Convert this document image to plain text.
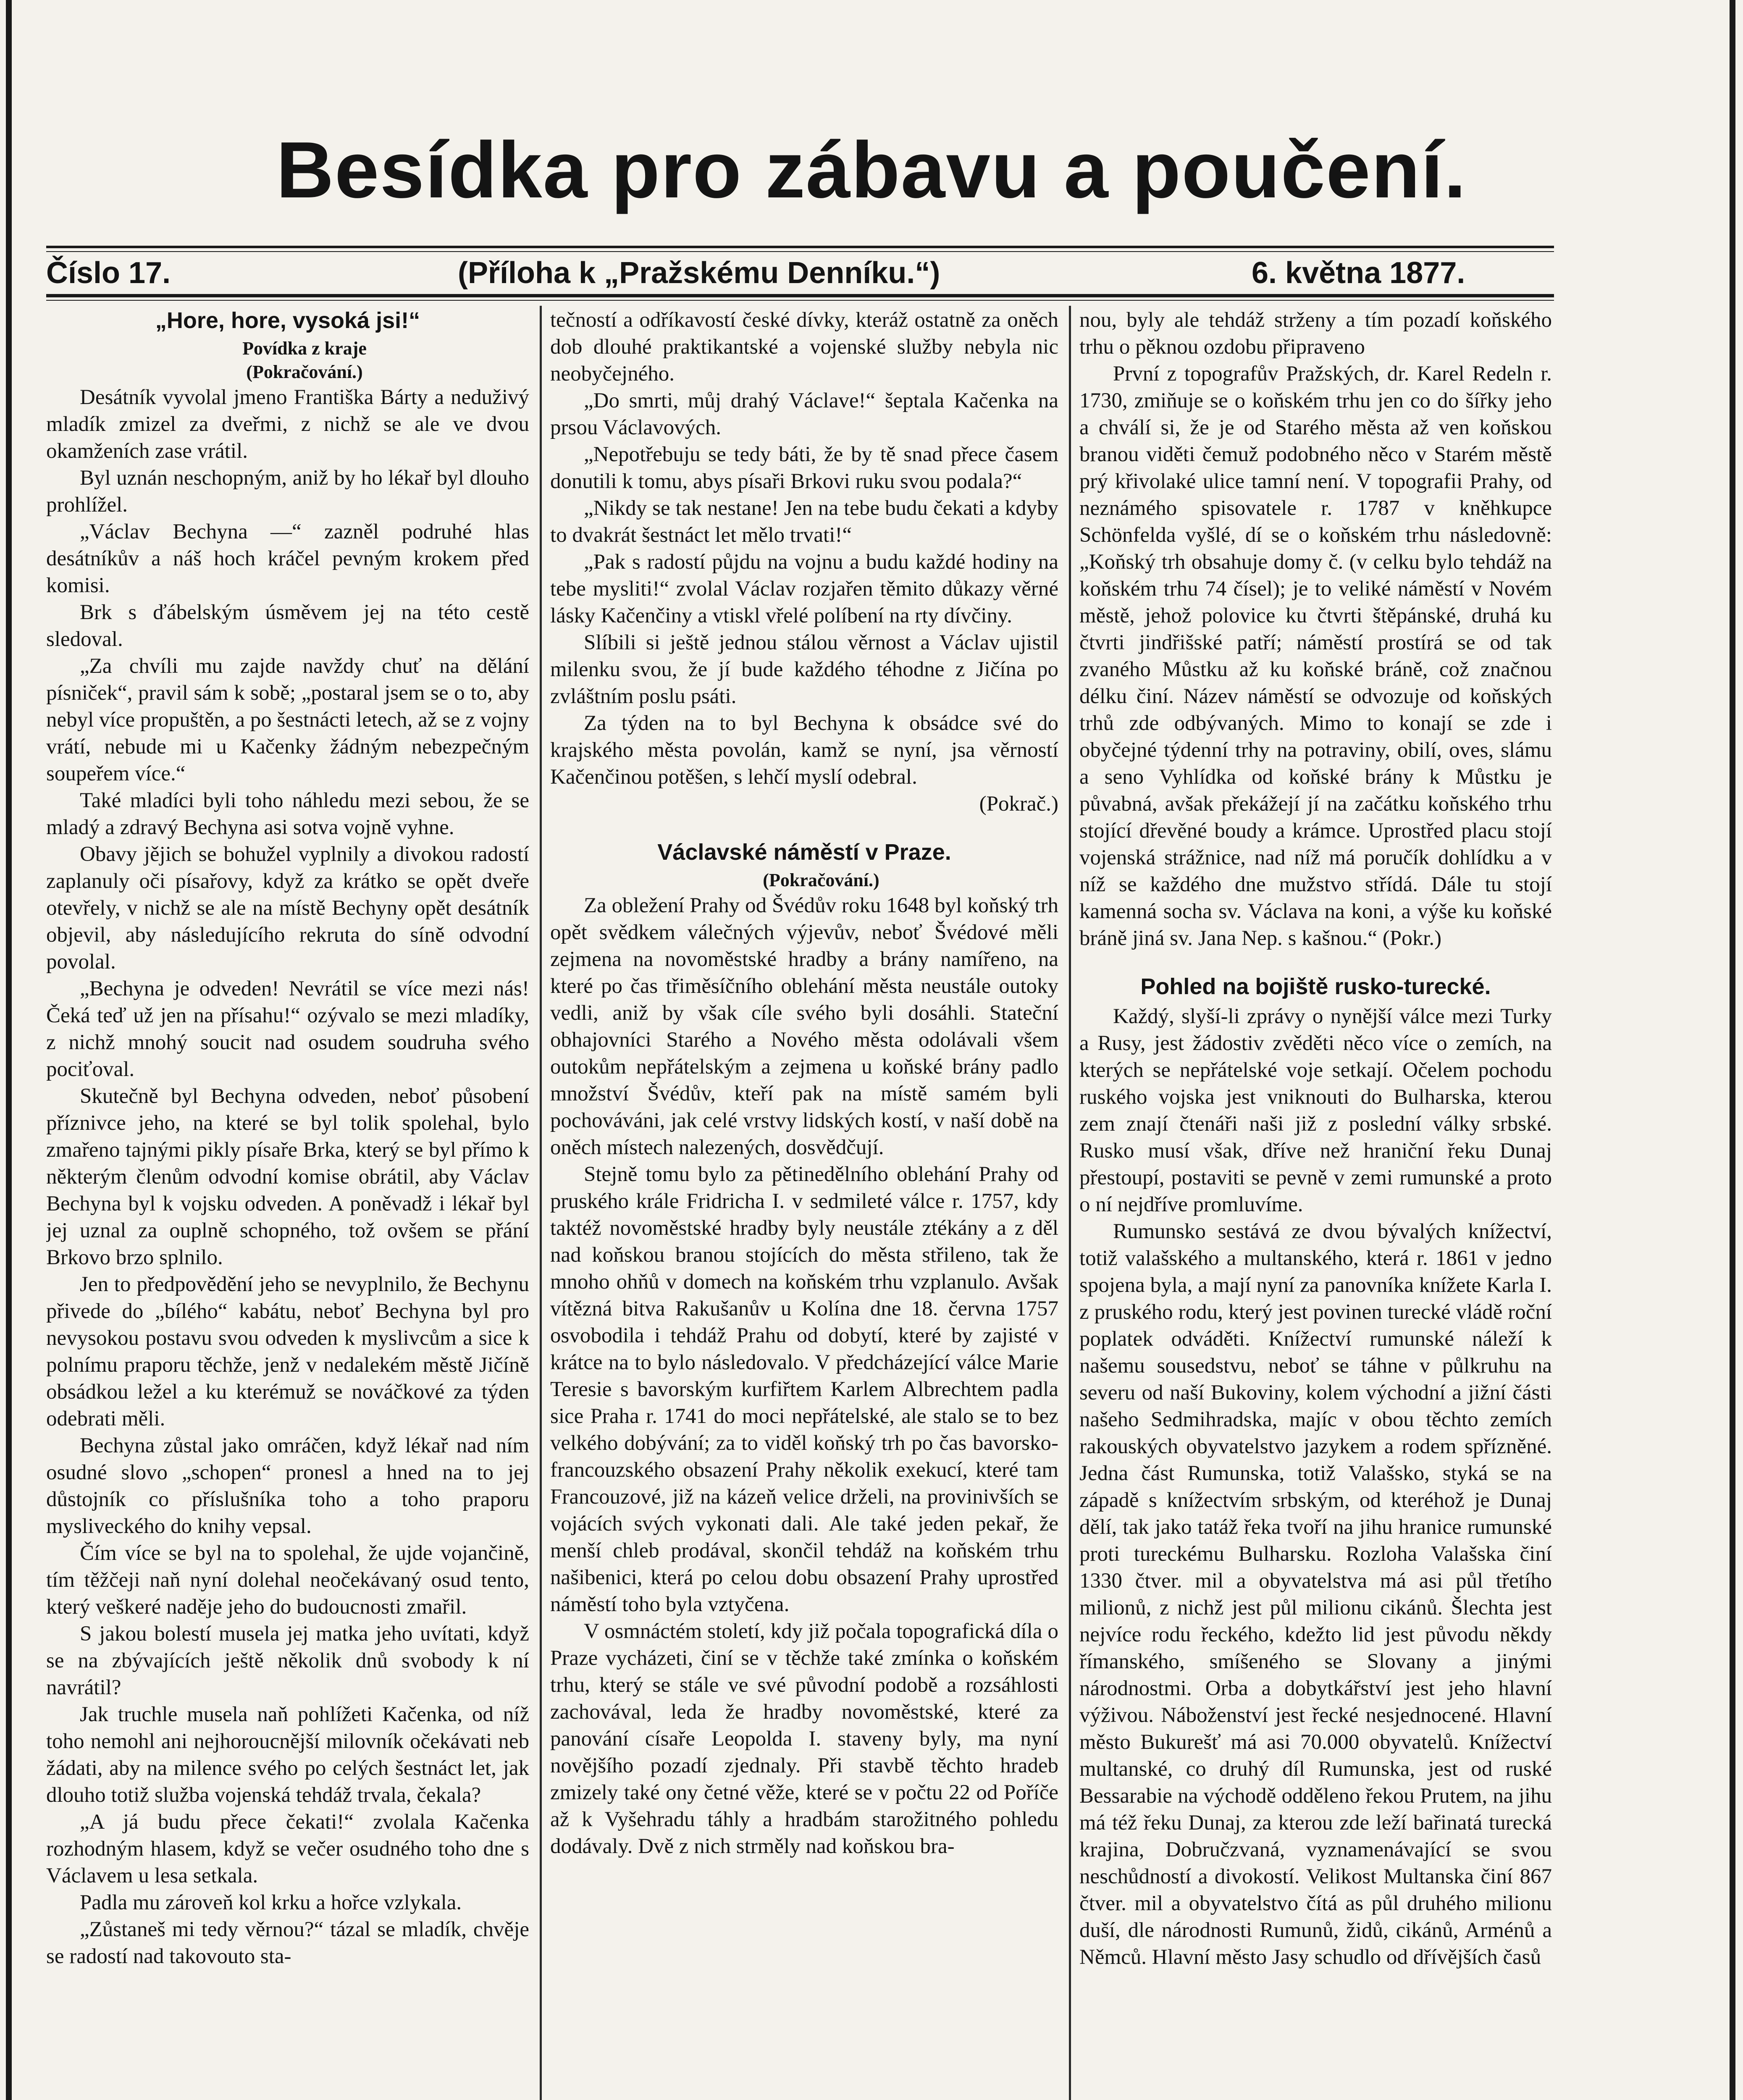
Besídka pro zábavu a poučení.
Číslo 17.	(Příloha k „Pražskému Denníku.“)	6. května 1877.
„Hore, hore, vysoká jsi!“

Povídka z kraje

(Pokračování.)

Desátník vyvolal jmeno Františka Bárty a neduživý mladík zmizel za dveřmi, z nichž se ale ve dvou okamženích zase vrátil.

Byl uznán neschopným, aniž by ho lékař byl dlouho prohlížel.

„Václav Bechyna —“ zazněl podruhé hlas desátníkův a náš hoch kráčel pevným krokem před komisi.

Brk s ďábelským úsměvem jej na této cestě sledoval.

„Za chvíli mu zajde navždy chuť na dělání písniček“, pravil sám k sobě; „postaral jsem se o to, aby nebyl více propuštěn, a po šestnácti letech, až se z vojny vrátí, nebude mi u Kačenky žádným nebezpečným soupeřem více.“

Také mladíci byli toho náhledu mezi sebou, že se mladý a zdravý Bechyna asi sotva vojně vyhne.

Obavy jějich se bohužel vyplnily a divokou radostí zaplanuly oči písařovy, když za krátko se opět dveře otevřely, v nichž se ale na místě Bechyny opět desátník objevil, aby následujícího rekruta do síně odvodní povolal.

„Bechyna je odveden! Nevrátil se více mezi nás! Čeká teď už jen na přísahu!“ ozývalo se mezi mladíky, z nichž mnohý soucit nad osudem soudruha svého pociťoval.

Skutečně byl Bechyna odveden, neboť působení příznivce jeho, na které se byl tolik spolehal, bylo zmařeno tajnými pikly písaře Brka, který se byl přímo k některým členům odvodní komise obrátil, aby Václav Bechyna byl k vojsku odveden. A poněvadž i lékař byl jej uznal za ouplně schopného, tož ovšem se přání Brkovo brzo splnilo.

Jen to předpovědění jeho se nevyplnilo, že Bechynu přivede do „bílého“ kabátu, neboť Bechyna byl pro nevysokou postavu svou odveden k myslivcům a sice k polnímu praporu těchže, jenž v nedalekém městě Jičíně obsádkou ležel a ku kterémuž se nováčkové za týden odebrati měli.

Bechyna zůstal jako omráčen, když lékař nad ním osudné slovo „schopen“ pronesl a hned na to jej důstojník co příslušníka toho a toho praporu mysliveckého do knihy vepsal.

Čím více se byl na to spolehal, že ujde vojančině, tím těžčeji naň nyní dolehal neočekávaný osud tento, který veškeré naděje jeho do budoucnosti zmařil.

S jakou bolestí musela jej matka jeho uvítati, když se na zbývajících ještě několik dnů svobody k ní navrátil?

Jak truchle musela naň pohlížeti Kačenka, od níž toho nemohl ani nejhoroucnější milovník očekávati neb žádati, aby na milence svého po celých šestnáct let, jak dlouho totiž služba vojenská tehdáž trvala, čekala?

„A já budu přece čekati!“ zvolala Kačenka rozhodným hlasem, když se večer osudného toho dne s Václavem u lesa setkala.

Padla mu zároveň kol krku a hořce vzlykala.

„Zůstaneš mi tedy věrnou?“ tázal se mladík, chvěje se radostí nad takovouto sta-

tečností a odříkavostí české dívky, kteráž ostatně za oněch dob dlouhé praktikantské a vojenské služby nebyla nic neobyčejného.

„Do smrti, můj drahý Václave!“ šeptala Kačenka na prsou Václavových.

„Nepotřebuju se tedy báti, že by tě snad přece časem donutili k tomu, abys písaři Brkovi ruku svou podala?“

„Nikdy se tak nestane! Jen na tebe budu čekati a kdyby to dvakrát šestnáct let mělo trvati!“

„Pak s radostí půjdu na vojnu a budu každé hodiny na tebe mysliti!“ zvolal Václav rozjařen těmito důkazy věrné lásky Kačenčiny a vtiskl vřelé políbení na rty dívčiny.

Slíbili si ještě jednou stálou věrnost a Václav ujistil milenku svou, že jí bude každého téhodne z Jičína po zvláštním poslu psáti.

Za týden na to byl Bechyna k obsádce své do krajského města povolán, kamž se nyní, jsa věrností Kačenčinou potěšen, s lehčí myslí odebral.

(Pokrač.)

Václavské náměstí v Praze.

(Pokračování.)

Za obležení Prahy od Švédův roku 1648 byl koňský trh opět svědkem válečných výjevův, neboť Švédové měli zejmena na novoměstské hradby a brány namířeno, na které po čas třiměsíčního oblehání města neustále outoky vedli, aniž by však cíle svého byli dosáhli. Stateční obhajovníci Starého a Nového města odolávali všem outokům nepřátelským a zejmena u koňské brány padlo množství Švédův, kteří pak na místě samém byli pochováváni, jak celé vrstvy lidských kostí, v naší době na oněch místech nalezených, dosvědčují.

Stejně tomu bylo za pětinedělního oblehání Prahy od pruského krále Fridricha I. v sedmileté válce r. 1757, kdy taktéž novoměstské hradby byly neustále ztékány a z děl nad koňskou branou stojících do města střileno, tak že mnoho ohňů v domech na koňském trhu vzplanulo. Avšak vítězná bitva Rakušanův u Kolína dne 18. června 1757 osvobodila i tehdáž Prahu od dobytí, které by zajisté v krátce na to bylo následovalo. V předcházející válce Marie Teresie s bavorským kurfiřtem Karlem Albrechtem padla sice Praha r. 1741 do moci nepřátelské, ale stalo se to bez velkého dobývání; za to viděl koňský trh po čas bavorsko-francouzského obsazení Prahy několik exekucí, které tam Francouzové, již na kázeň velice drželi, na provinivších se vojácích svých vykonati dali. Ale také jeden pekař, že menší chleb prodával, skončil tehdáž na koňském trhu našibenici, která po celou dobu obsazení Prahy uprostřed náměstí toho byla vztyčena.

V osmnáctém století, kdy již počala topografická díla o Praze vycházeti, činí se v těchže také zmínka o koňském trhu, který se stále ve své původní podobě a rozsáhlosti zachovával, leda že hradby novoměstské, které za panování císaře Leopolda I. staveny byly, ma nyní novějšího pozadí zjednaly. Při stavbě těchto hradeb zmizely také ony četné věže, které se v počtu 22 od Poříče až k Vyšehradu táhly a hradbám starožitného pohledu dodávaly. Dvě z nich strměly nad koňskou bra-

nou, byly ale tehdáž strženy a tím pozadí koňského trhu o pěknou ozdobu připraveno

První z topografův Pražských, dr. Karel Redeln r. 1730, zmiňuje se o koňském trhu jen co do šířky jeho a chválí si, že je od Starého města až ven koňskou branou viděti čemuž podobného něco v Starém městě prý křivolaké ulice tamní není. V topografii Prahy, od neznámého spisovatele r. 1787 v kněhkupce Schönfelda vyšlé, dí se o koňském trhu následovně: „Koňský trh obsahuje domy č. (v celku bylo tehdáž na koňském trhu 74 čísel); je to veliké náměstí v Novém městě, jehož polovice ku čtvrti štěpánské, druhá ku čtvrti jindřišské patří; náměstí prostírá se od tak zvaného Můstku až ku koňské bráně, což značnou délku činí. Název náměstí se odvozuje od koňských trhů zde odbývaných. Mimo to konají se zde i obyčejné týdenní trhy na potraviny, obilí, oves, slámu a seno Vyhlídka od koňské brány k Můstku je půvabná, avšak překážejí jí na začátku koňského trhu stojící dřevěné boudy a krámce. Uprostřed placu stojí vojenská strážnice, nad níž má poručík dohlídku a v níž se každého dne mužstvo střídá. Dále tu stojí kamenná socha sv. Václava na koni, a výše ku koňské bráně jiná sv. Jana Nep. s kašnou.“ (Pokr.)

Pohled na bojiště rusko-turecké.

Každý, slyší-li zprávy o nynější válce mezi Turky a Rusy, jest žádostiv zvěděti něco více o zemích, na kterých se nepřátelské voje setkají. Očelem pochodu ruského vojska jest vniknouti do Bulharska, kterou zem znají čtenáři naši již z poslední války srbské. Rusko musí však, dříve než hraniční řeku Dunaj přestoupí, postaviti se pevně v zemi rumunské a proto o ní nejdříve promluvíme.

Rumunsko sestává ze dvou bývalých knížectví, totiž valašského a multanského, která r. 1861 v jedno spojena byla, a mají nyní za panovníka knížete Karla I. z pruského rodu, který jest povinen turecké vládě roční poplatek odváděti. Knížectví rumunské náleží k našemu sousedstvu, neboť se táhne v půlkruhu na severu od naší Bukoviny, kolem východní a jižní části našeho Sedmihradska, majíc v obou těchto zemích rakouských obyvatelstvo jazykem a rodem spřízněné. Jedna část Rumunska, totiž Valašsko, styká se na západě s knížectvím srbským, od kteréhož je Dunaj dělí, tak jako tatáž řeka tvoří na jihu hranice rumunské proti tureckému Bulharsku. Rozloha Valašska činí 1330 čtver. mil a obyvatelstva má asi půl třetího milionů, z nichž jest půl milionu cikánů. Šlechta jest nejvíce rodu řeckého, kdežto lid jest původu někdy římanského, smíšeného se Slovany a jinými národnostmi. Orba a dobytkářství jest jeho hlavní výživou. Náboženství jest řecké nesjednocené. Hlavní město Bukurešť má asi 70.000 obyvatelů. Knížectví multanské, co druhý díl Rumunska, jest od ruské Bessarabie na východě odděleno řekou Prutem, na jihu má též řeku Dunaj, za kterou zde leží bařinatá turecká krajina, Dobručzvaná, vyznamenávající se svou neschůdností a divokostí. Velikost Multanska činí 867 čtver. mil a obyvatelstvo čítá as půl druhého milionu duší, dle národnosti Rumunů, židů, cikánů, Arménů a Němců. Hlavní město Jasy schudlo od dřívějších časů
